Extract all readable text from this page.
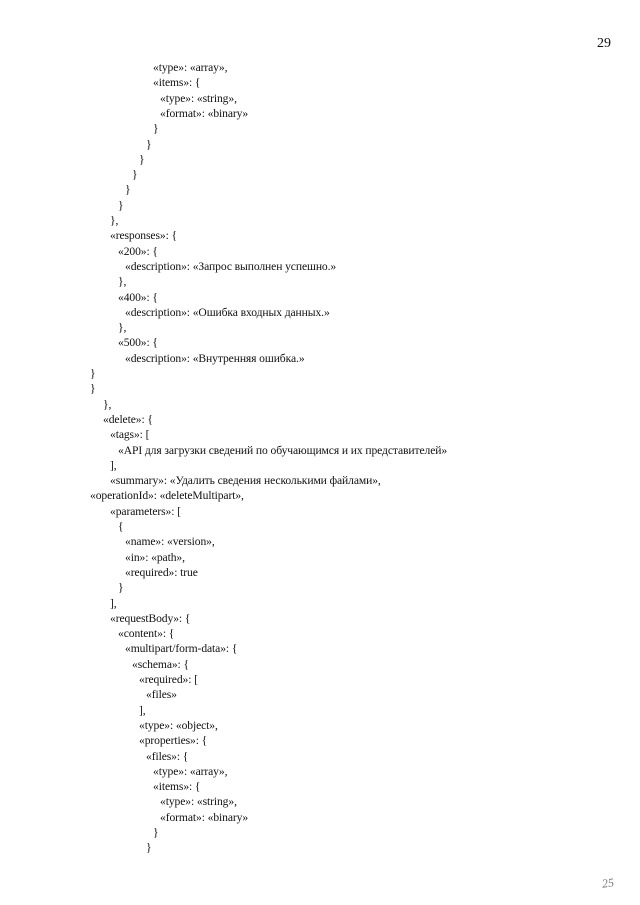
29
«type»: «array»,
«items»: {
«type»: «string»,
«format»: «binary»
}
}
}
}
}
}
},
«responses»: {
«200»: {
«description»: «Запрос выполнен успешно.»
},
«400»: {
«description»: «Ошибка входных данных.»
},
«500»: {
«description»: «Внутренняя ошибка.»
}
}
},
«delete»: {
«tags»: [
«API для загрузки сведений по обучающимся и их представителей»
],
«summary»: «Удалить сведения несколькими файлами»,
«operationId»: «deleteMultipart»,
«parameters»: [
{
«name»: «version»,
«in»: «path»,
«required»: true
}
],
«requestBody»: {
«content»: {
«multipart/form-data»: {
«schema»: {
«required»: [
«files»
],
«type»: «object»,
«properties»: {
«files»: {
«type»: «array»,
«items»: {
«type»: «string»,
«format»: «binary»
}
}
25
